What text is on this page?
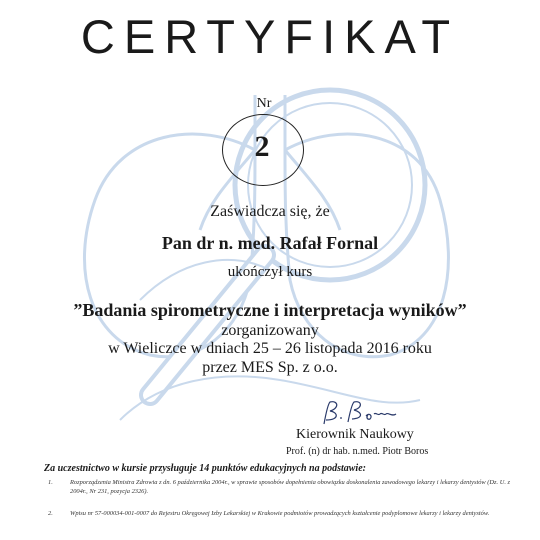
CERTYFIKAT
Nr
2
Zaświadcza się, że
Pan dr n. med. Rafał Fornal
ukończył kurs
”Badania spirometryczne i interpretacja wyników”
zorganizowany
w Wieliczce w dniach 25 – 26 listopada 2016 roku
przez MES Sp. z o.o.
Kierownik Naukowy
Prof. (n) dr hab. n.med. Piotr Boros
Za uczestnictwo w kursie przysługuje 14 punktów edukacyjnych na podstawie:
1.	Rozporządzenia Ministra Zdrowia z dn. 6 października 2004r., w sprawie sposobów dopełnienia obowiązku doskonalenia zawodowego lekarzy i lekarzy dentystów (Dz. U. z 2004r., Nr 231, pozycja 2326).
2.	Wpisu nr 57-000034-001-0007 do Rejestru Okręgowej Izby Lekarskiej w Krakowie podmiotów prowadzących kształcenie podyplomowe lekarzy i lekarzy dentystów.
